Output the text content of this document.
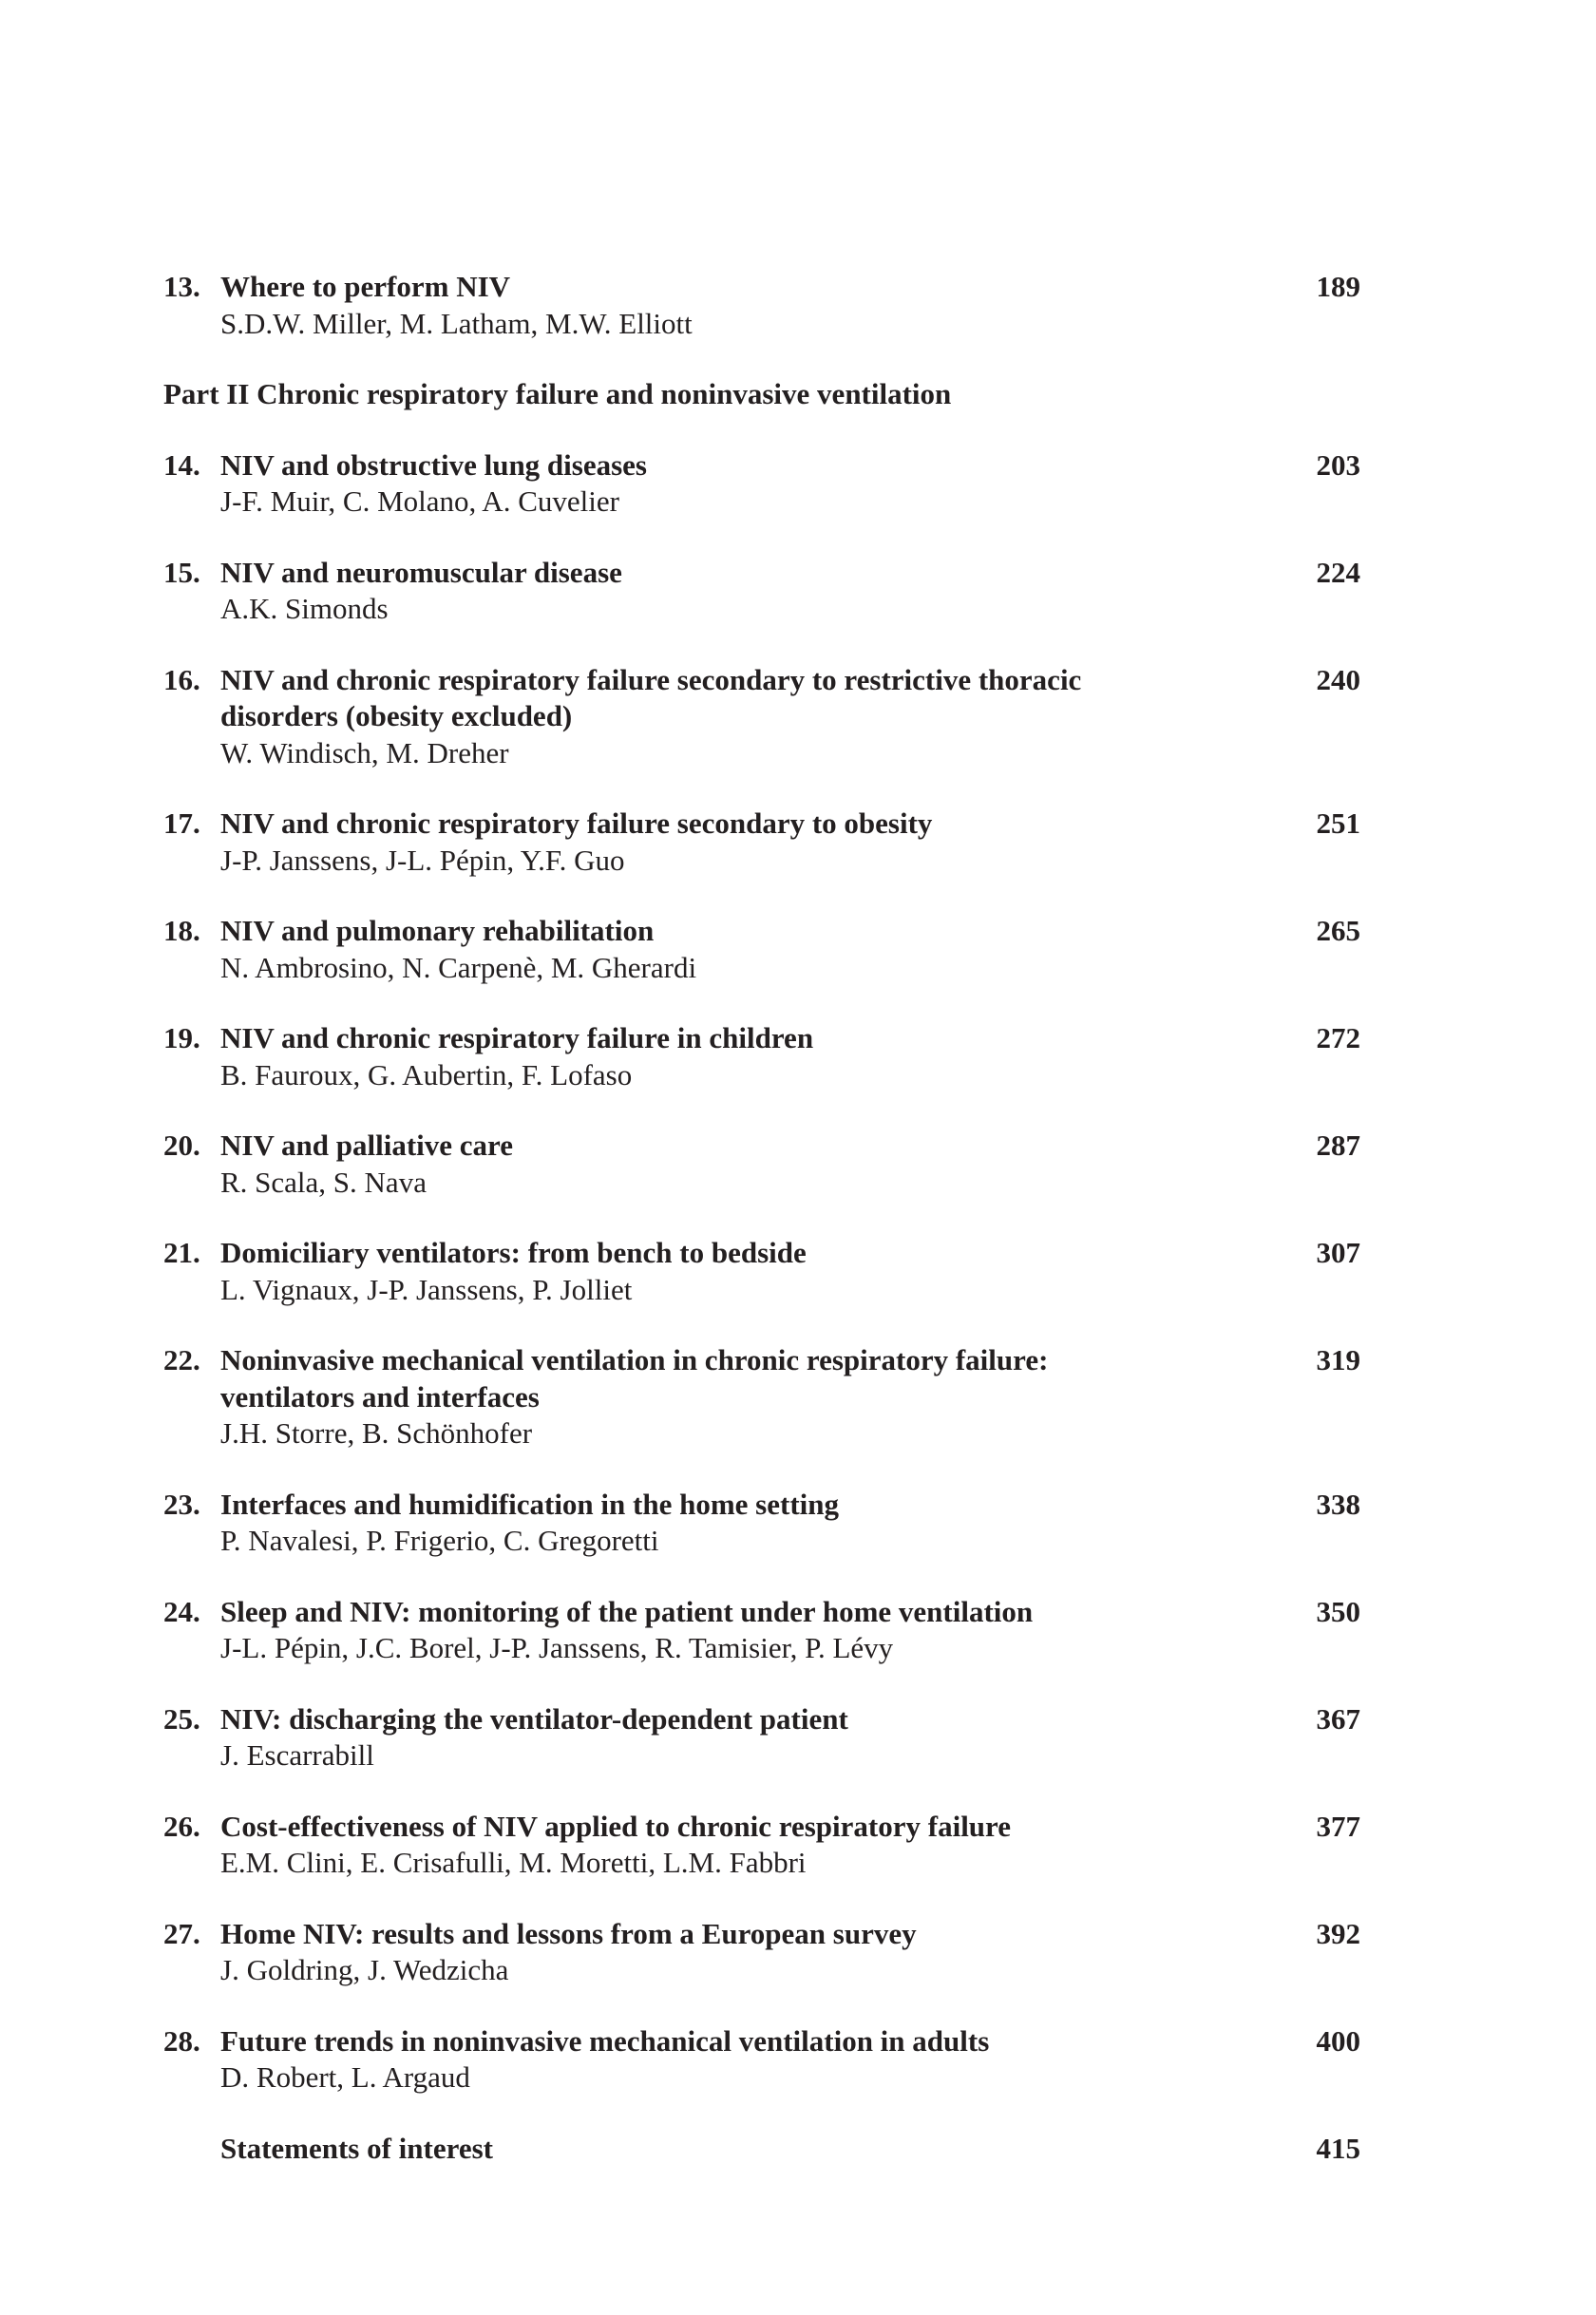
13. Where to perform NIV
S.D.W. Miller, M. Latham, M.W. Elliott
189
Part II Chronic respiratory failure and noninvasive ventilation
14. NIV and obstructive lung diseases
J-F. Muir, C. Molano, A. Cuvelier
203
15. NIV and neuromuscular disease
A.K. Simonds
224
16. NIV and chronic respiratory failure secondary to restrictive thoracic disorders (obesity excluded)
W. Windisch, M. Dreher
240
17. NIV and chronic respiratory failure secondary to obesity
J-P. Janssens, J-L. Pépin, Y.F. Guo
251
18. NIV and pulmonary rehabilitation
N. Ambrosino, N. Carpenè, M. Gherardi
265
19. NIV and chronic respiratory failure in children
B. Fauroux, G. Aubertin, F. Lofaso
272
20. NIV and palliative care
R. Scala, S. Nava
287
21. Domiciliary ventilators: from bench to bedside
L. Vignaux, J-P. Janssens, P. Jolliet
307
22. Noninvasive mechanical ventilation in chronic respiratory failure: ventilators and interfaces
J.H. Storre, B. Schönhofer
319
23. Interfaces and humidification in the home setting
P. Navalesi, P. Frigerio, C. Gregoretti
338
24. Sleep and NIV: monitoring of the patient under home ventilation
J-L. Pépin, J.C. Borel, J-P. Janssens, R. Tamisier, P. Lévy
350
25. NIV: discharging the ventilator-dependent patient
J. Escarrabill
367
26. Cost-effectiveness of NIV applied to chronic respiratory failure
E.M. Clini, E. Crisafulli, M. Moretti, L.M. Fabbri
377
27. Home NIV: results and lessons from a European survey
J. Goldring, J. Wedzicha
392
28. Future trends in noninvasive mechanical ventilation in adults
D. Robert, L. Argaud
400
Statements of interest	415
